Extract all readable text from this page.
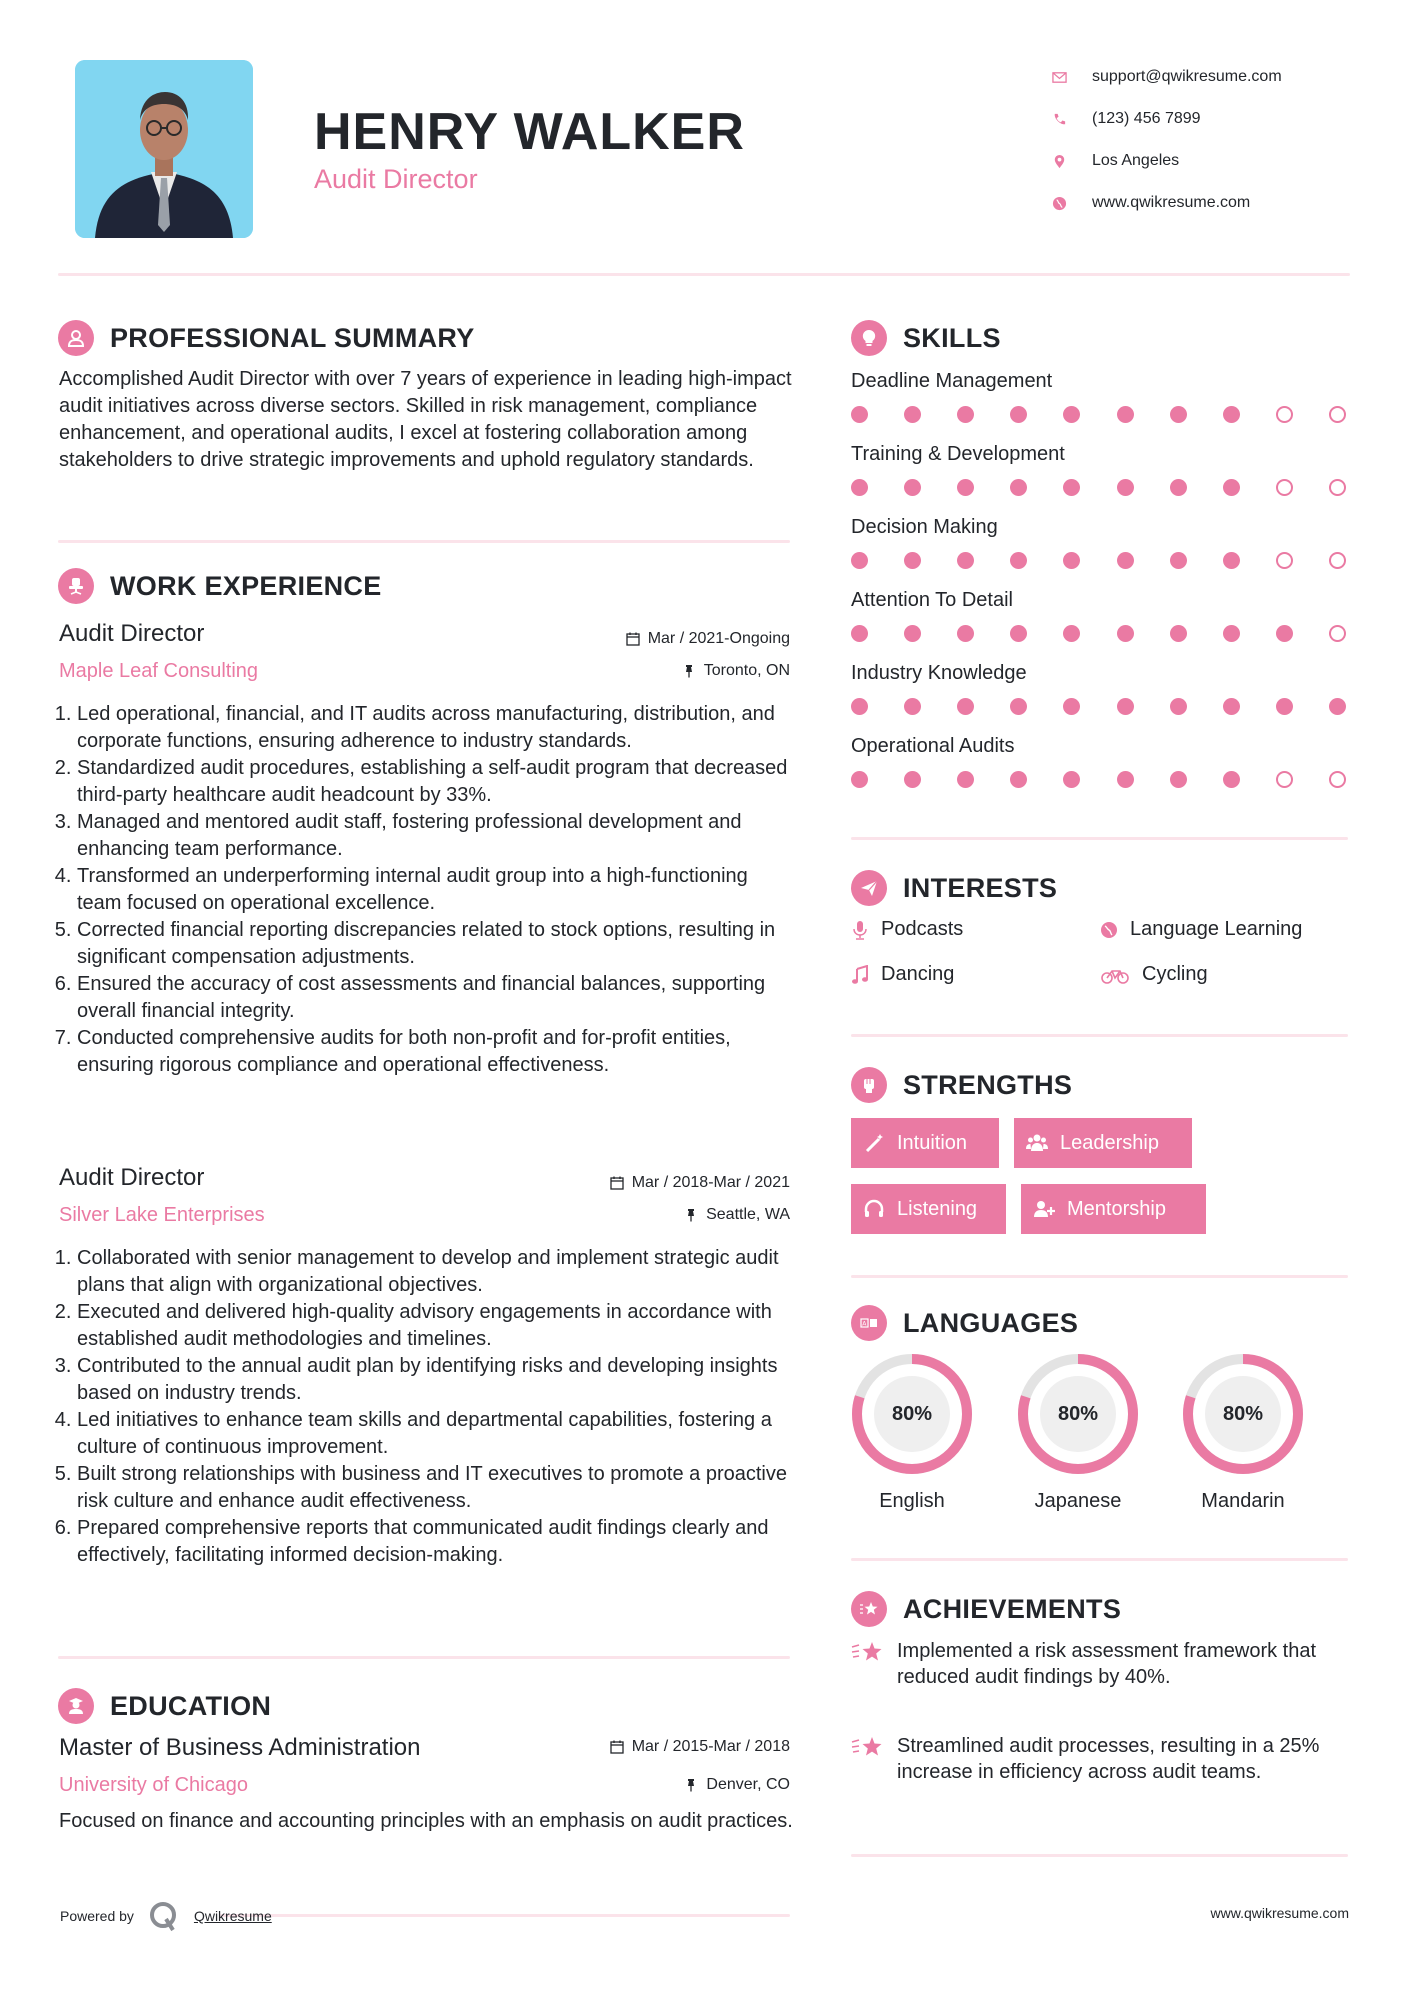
HENRY WALKER
Audit Director
support@qwikresume.com
(123) 456 7899
Los Angeles
www.qwikresume.com
PROFESSIONAL SUMMARY
Accomplished Audit Director with over 7 years of experience in leading high-impact audit initiatives across diverse sectors. Skilled in risk management, compliance enhancement, and operational audits, I excel at fostering collaboration among stakeholders to drive strategic improvements and uphold regulatory standards.
WORK EXPERIENCE
Audit Director	Mar / 2021-Ongoing
Maple Leaf Consulting	Toronto, ON
1. Led operational, financial, and IT audits across manufacturing, distribution, and corporate functions, ensuring adherence to industry standards.
2. Standardized audit procedures, establishing a self-audit program that decreased third-party healthcare audit headcount by 33%.
3. Managed and mentored audit staff, fostering professional development and enhancing team performance.
4. Transformed an underperforming internal audit group into a high-functioning team focused on operational excellence.
5. Corrected financial reporting discrepancies related to stock options, resulting in significant compensation adjustments.
6. Ensured the accuracy of cost assessments and financial balances, supporting overall financial integrity.
7. Conducted comprehensive audits for both non-profit and for-profit entities, ensuring rigorous compliance and operational effectiveness.
Audit Director	Mar / 2018-Mar / 2021
Silver Lake Enterprises	Seattle, WA
1. Collaborated with senior management to develop and implement strategic audit plans that align with organizational objectives.
2. Executed and delivered high-quality advisory engagements in accordance with established audit methodologies and timelines.
3. Contributed to the annual audit plan by identifying risks and developing insights based on industry trends.
4. Led initiatives to enhance team skills and departmental capabilities, fostering a culture of continuous improvement.
5. Built strong relationships with business and IT executives to promote a proactive risk culture and enhance audit effectiveness.
6. Prepared comprehensive reports that communicated audit findings clearly and effectively, facilitating informed decision-making.
EDUCATION
Master of Business Administration	Mar / 2015-Mar / 2018
University of Chicago	Denver, CO
Focused on finance and accounting principles with an emphasis on audit practices.
SKILLS
Deadline Management
Training & Development
Decision Making
Attention To Detail
Industry Knowledge
Operational Audits
INTERESTS
Podcasts	Language Learning
Dancing	Cycling
STRENGTHS
Intuition	Leadership
Listening	Mentorship
A LANGUAGES
80%
English
80%
Japanese
80%
Mandarin
ACHIEVEMENTS
Implemented a risk assessment framework that reduced audit findings by 40%.
Streamlined audit processes, resulting in a 25% increase in efficiency across audit teams.
Powered by	Qwikresume	www.qwikresume.com
